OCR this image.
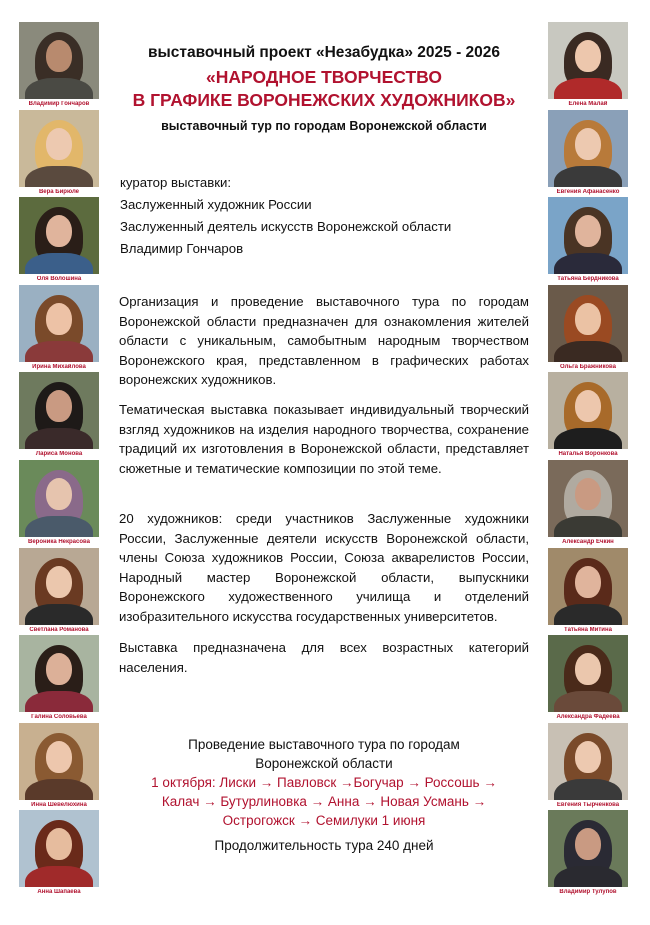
Владимир Гончаров
Вера Бирюле
Оля Волошина
Ирина Михайлова
Лариса Монова
Вероника Некрасова
Светлана Романова
Галина Соловьева
Инна Шевелюхина
Анна Шапаева
Елена Малай
Евгения Афанасенко
Татьяна Бердникова
Ольга Бражникова
Наталья Воронкова
Александр Ечкин
Татьяна Митина
Александра Фадеева
Евгения Тырченкова
Владимир Тулупов
выставочный проект «Незабудка» 2025 - 2026
«НАРОДНОЕ ТВОРЧЕСТВО
В ГРАФИКЕ ВОРОНЕЖСКИХ ХУДОЖНИКОВ»
выставочный тур по городам Воронежской области
куратор выставки:
Заслуженный художник России
Заслуженный деятель искусств Воронежской области
Владимир Гончаров

Организация и проведение выставочного тура по городам Воронежской области предназначен для ознакомления жителей области с уникальным, самобытным народным творчеством Воронежского края, представленном в графических работах воронежских художников.

Тематическая выставка показывает индивидуальный творческий взгляд художников на изделия народного творчества, сохранение традиций их изготовления в Воронежской области, представляет сюжетные и тематические композиции по этой теме.

20 художников: среди участников Заслуженные художники России, Заслуженные деятели искусств Воронежской области, члены Союза художников России, Союза акварелистов России, Народный мастер Воронежской области, выпускники Воронежского художественного училища и отделений изобразительного искусства государственных университетов.

Выставка предназначена для всех возрастных категорий населения.

Проведение выставочного тура по городам
Воронежской области
1 октября: Лиски → Павловск →Богучар → Россошь →
Калач → Бутурлиновка → Анна → Новая Усмань →
Острогожск → Семилуки 1 июня
Продолжительность тура 240 дней
